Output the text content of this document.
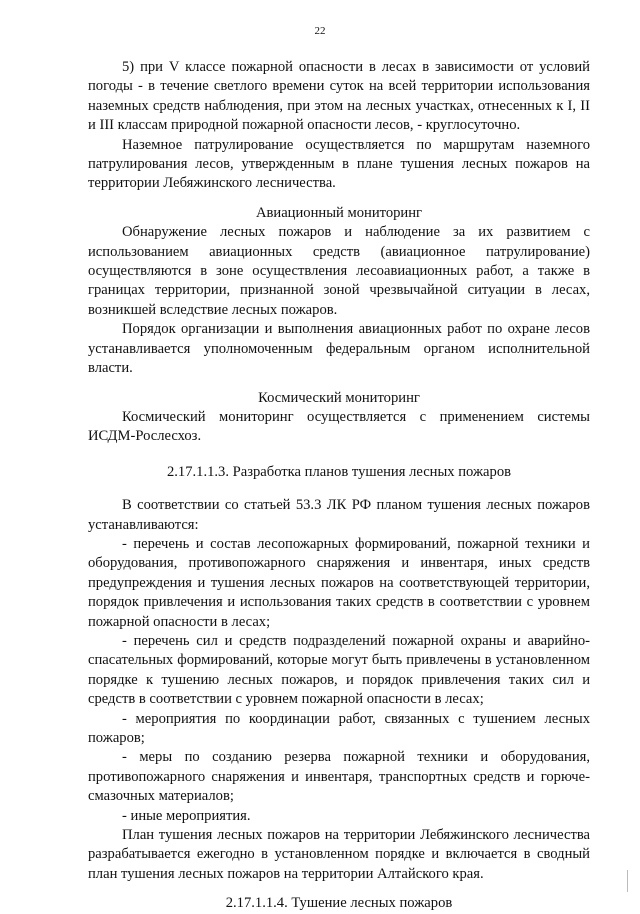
22

5) при V классе пожарной опасности в лесах в зависимости от условий погоды - в течение светлого времени суток на всей территории использования наземных средств наблюдения, при этом на лесных участках, отнесенных к I, II и III классам природной пожарной опасности лесов, - круглосуточно.

Наземное патрулирование осуществляется по маршрутам наземного патрулирования лесов, утвержденным в плане тушения лесных пожаров на территории Лебяжинского лесничества.

Авиационный мониторинг

Обнаружение лесных пожаров и наблюдение за их развитием с использованием авиационных средств (авиационное патрулирование) осуществляются в зоне осуществления лесоавиационных работ, а также в границах территории, признанной зоной чрезвычайной ситуации в лесах, возникшей вследствие лесных пожаров.

Порядок организации и выполнения авиационных работ по охране лесов устанавливается уполномоченным федеральным органом исполнительной власти.

Космический мониторинг

Космический мониторинг осуществляется с применением системы ИСДМ-Рослесхоз.

2.17.1.1.3. Разработка планов тушения лесных пожаров

В соответствии со статьей 53.3 ЛК РФ планом тушения лесных пожаров устанавливаются:

- перечень и состав лесопожарных формирований, пожарной техники и оборудования, противопожарного снаряжения и инвентаря, иных средств предупреждения и тушения лесных пожаров на соответствующей территории, порядок привлечения и использования таких средств в соответствии с уровнем пожарной опасности в лесах;

- перечень сил и средств подразделений пожарной охраны и аварийно-спасательных формирований, которые могут быть привлечены в установленном порядке к тушению лесных пожаров, и порядок привлечения таких сил и средств в соответствии с уровнем пожарной опасности в лесах;

- мероприятия по координации работ, связанных с тушением лесных пожаров;

- меры по созданию резерва пожарной техники и оборудования, противопожарного снаряжения и инвентаря, транспортных средств и горюче-смазочных материалов;

- иные мероприятия.

План тушения лесных пожаров на территории Лебяжинского лесничества разрабатывается ежегодно в установленном порядке и включается в сводный план тушения лесных пожаров на территории Алтайского края.

2.17.1.1.4. Тушение лесных пожаров
